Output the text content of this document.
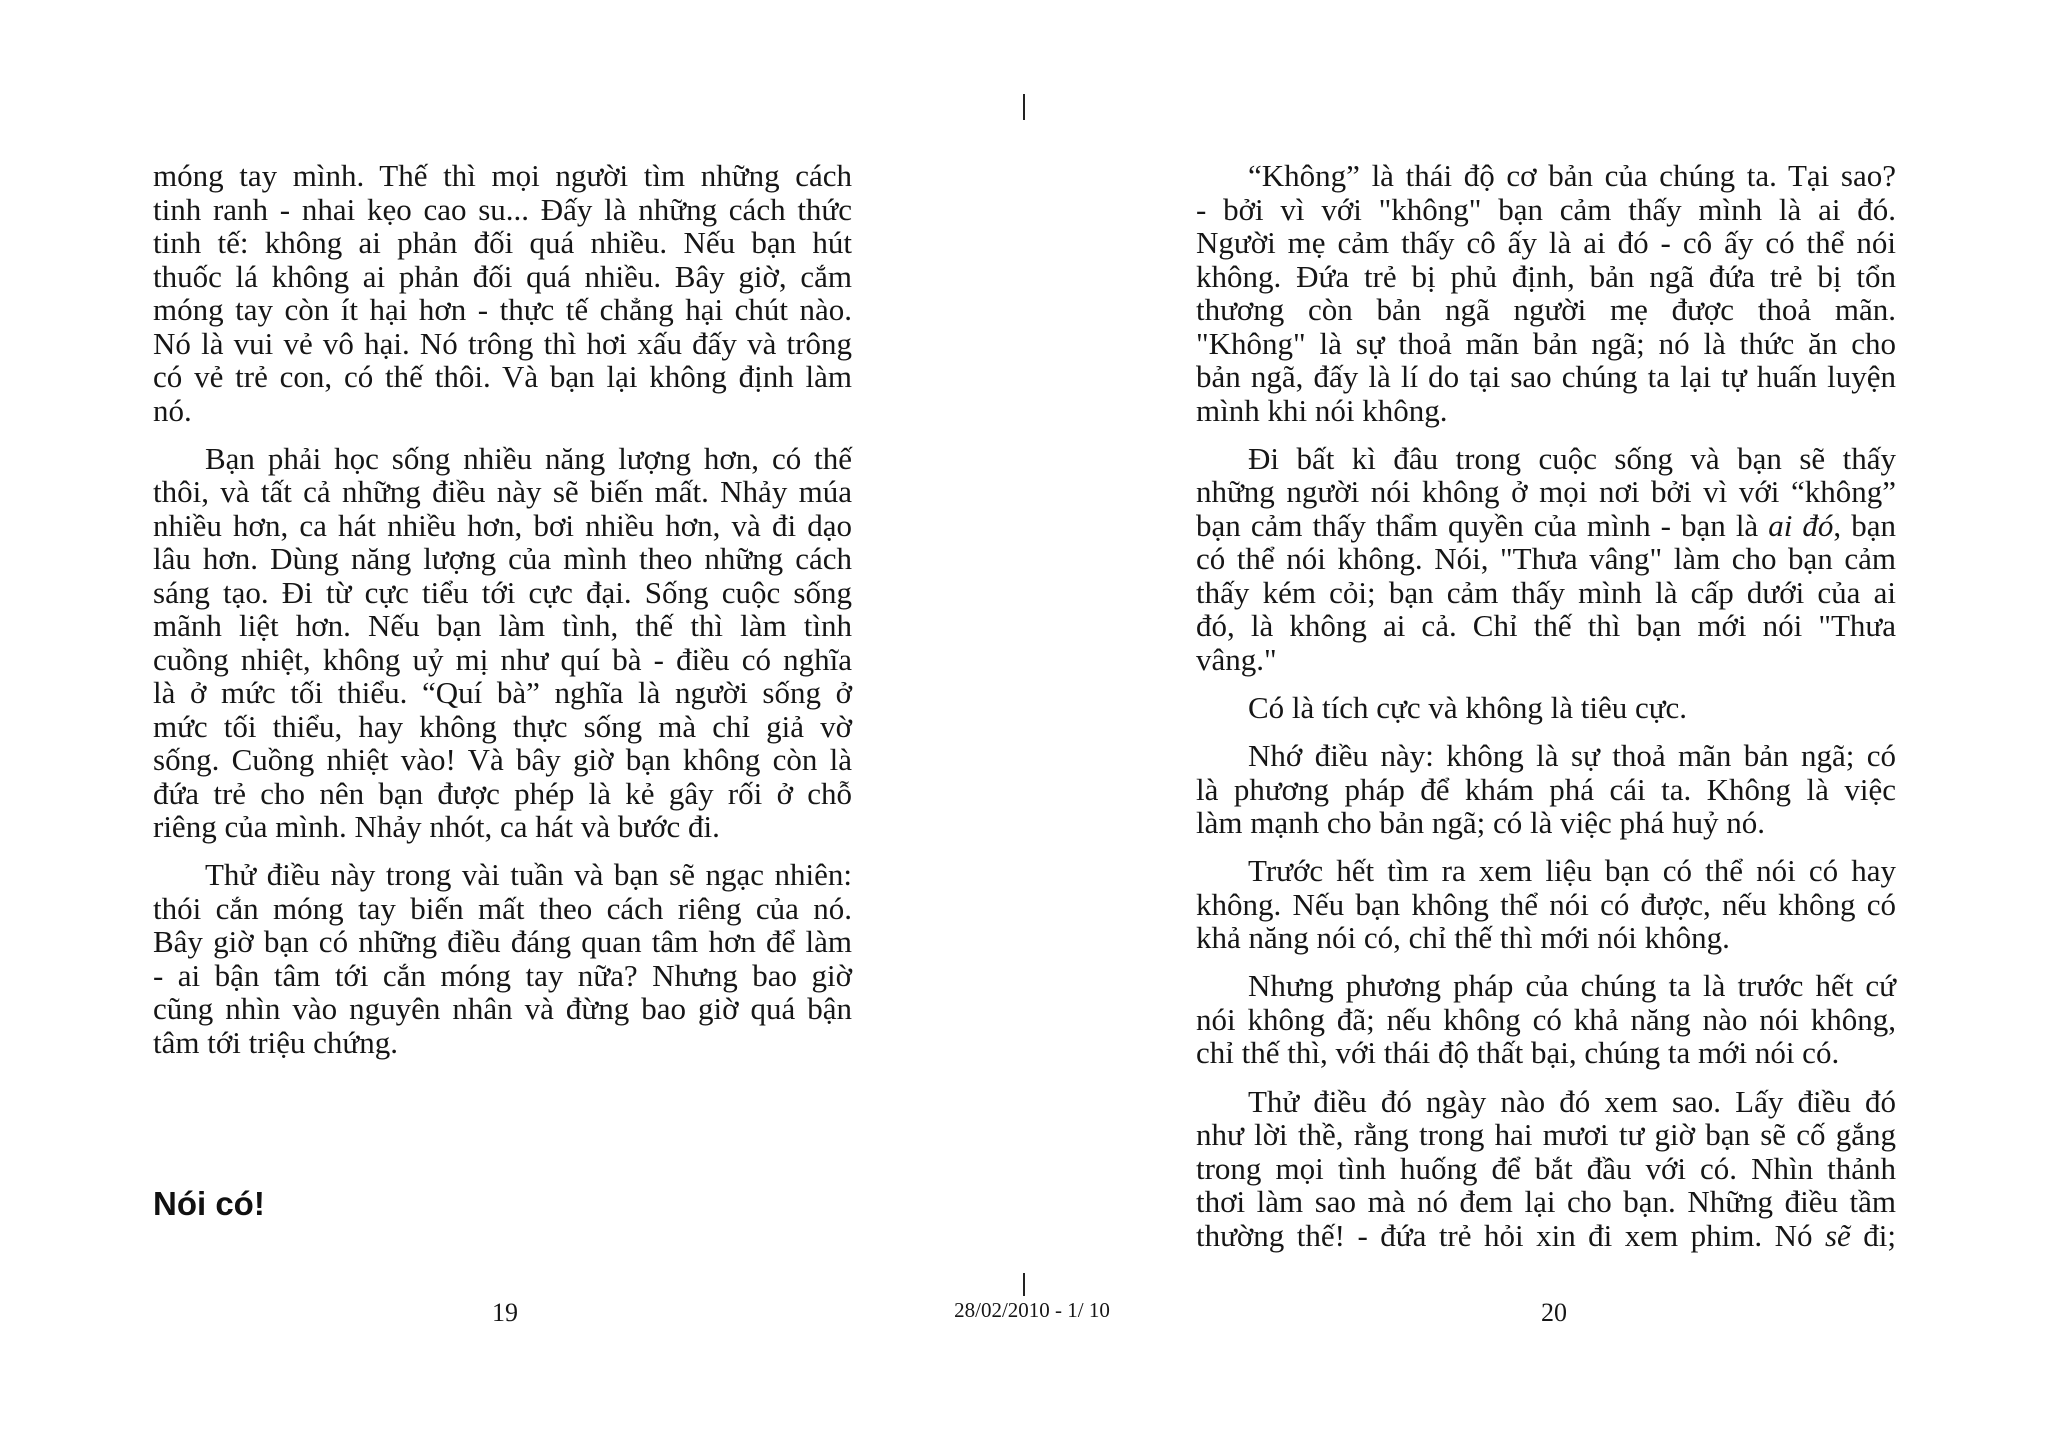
móng tay mình. Thế thì mọi người tìm những cách
tinh ranh - nhai kẹo cao su... Đấy là những cách thức
tinh tế: không ai phản đối quá nhiều. Nếu bạn hút
thuốc lá không ai phản đối quá nhiều. Bây giờ, cắm
móng tay còn ít hại hơn - thực tế chẳng hại chút nào.
Nó là vui vẻ vô hại. Nó trông thì hơi xấu đấy và trông
có vẻ trẻ con, có thế thôi. Và bạn lại không định làm
nó.
Bạn phải học sống nhiều năng lượng hơn, có thế
thôi, và tất cả những điều này sẽ biến mất. Nhảy múa
nhiều hơn, ca hát nhiều hơn, bơi nhiều hơn, và đi dạo
lâu hơn. Dùng năng lượng của mình theo những cách
sáng tạo. Đi từ cực tiểu tới cực đại. Sống cuộc sống
mãnh liệt hơn. Nếu bạn làm tình, thế thì làm tình
cuồng nhiệt, không uỷ mị như quí bà - điều có nghĩa
là ở mức tối thiểu. “Quí bà” nghĩa là người sống ở
mức tối thiểu, hay không thực sống mà chỉ giả vờ
sống. Cuồng nhiệt vào! Và bây giờ bạn không còn là
đứa trẻ cho nên bạn được phép là kẻ gây rối ở chỗ
riêng của mình. Nhảy nhót, ca hát và bước đi.
Thử điều này trong vài tuần và bạn sẽ ngạc nhiên:
thói cắn móng tay biến mất theo cách riêng của nó.
Bây giờ bạn có những điều đáng quan tâm hơn để làm
- ai bận tâm tới cắn móng tay nữa? Nhưng bao giờ
cũng nhìn vào nguyên nhân và đừng bao giờ quá bận
tâm tới triệu chứng.
Nói có!
19
“Không” là thái độ cơ bản của chúng ta. Tại sao?
- bởi vì với "không" bạn cảm thấy mình là ai đó.
Người mẹ cảm thấy cô ấy là ai đó - cô ấy có thể nói
không. Đứa trẻ bị phủ định, bản ngã đứa trẻ bị tổn
thương còn bản ngã người mẹ được thoả mãn.
"Không" là sự thoả mãn bản ngã; nó là thức ăn cho
bản ngã, đấy là lí do tại sao chúng ta lại tự huấn luyện
mình khi nói không.
Đi bất kì đâu trong cuộc sống và bạn sẽ thấy
những người nói không ở mọi nơi bởi vì với “không”
bạn cảm thấy thẩm quyền của mình - bạn là ai đó, bạn
có thể nói không. Nói, "Thưa vâng" làm cho bạn cảm
thấy kém cỏi; bạn cảm thấy mình là cấp dưới của ai
đó, là không ai cả. Chỉ thế thì bạn mới nói "Thưa
vâng."
Có là tích cực và không là tiêu cực.
Nhớ điều này: không là sự thoả mãn bản ngã; có
là phương pháp để khám phá cái ta. Không là việc
làm mạnh cho bản ngã; có là việc phá huỷ nó.
Trước hết tìm ra xem liệu bạn có thể nói có hay
không. Nếu bạn không thể nói có được, nếu không có
khả năng nói có, chỉ thế thì mới nói không.
Nhưng phương pháp của chúng ta là trước hết cứ
nói không đã; nếu không có khả năng nào nói không,
chỉ thế thì, với thái độ thất bại, chúng ta mới nói có.
Thử điều đó ngày nào đó xem sao. Lấy điều đó
như lời thề, rằng trong hai mươi tư giờ bạn sẽ cố gắng
trong mọi tình huống để bắt đầu với có. Nhìn thảnh
thơi làm sao mà nó đem lại cho bạn. Những điều tầm
thường thế! - đứa trẻ hỏi xin đi xem phim. Nó sẽ đi;
20
28/02/2010 - 1/ 10
